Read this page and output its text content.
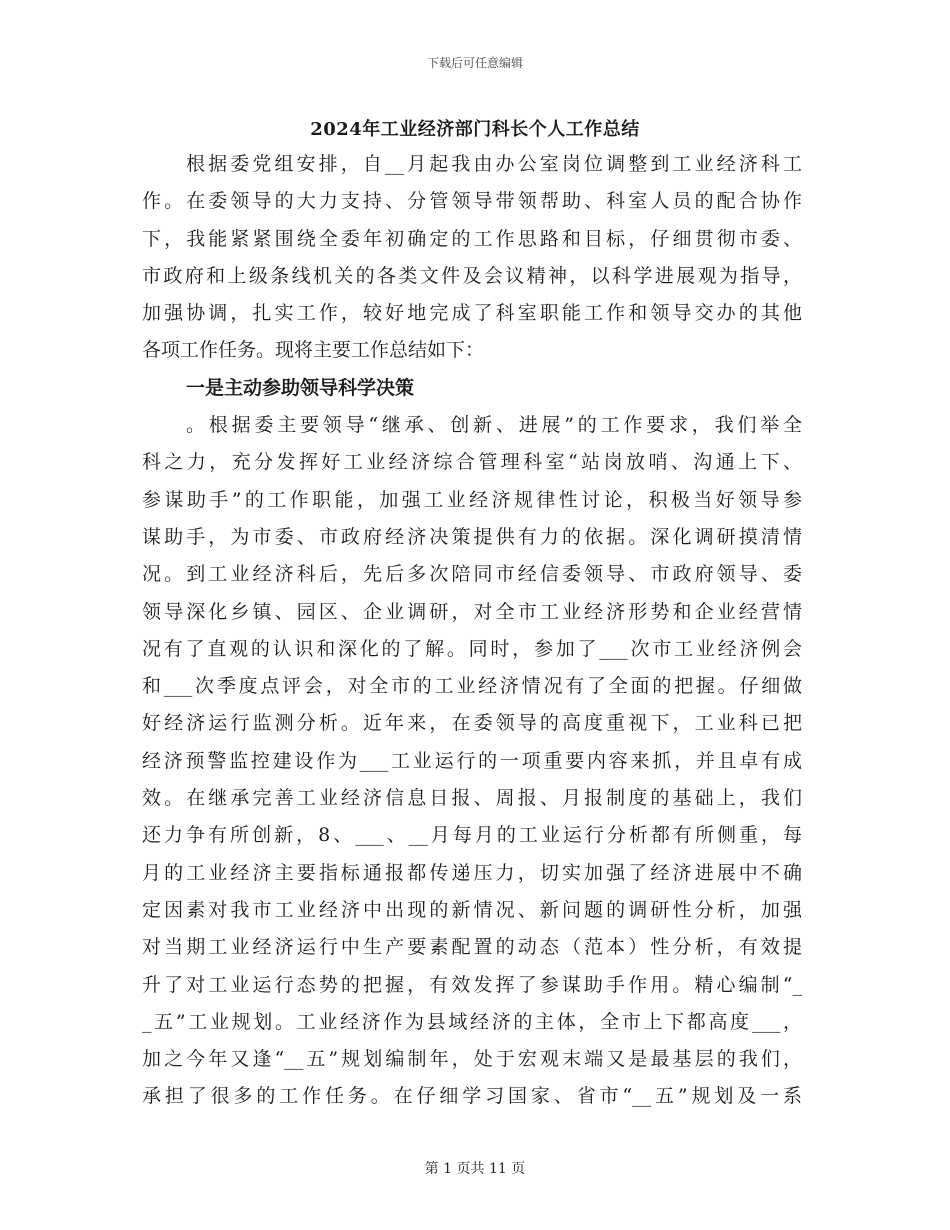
下载后可任意编辑
2024年工业经济部门科长个人工作总结
根据委党组安排，自__月起我由办公室岗位调整到工业经济科工
作。在委领导的大力支持、分管领导带领帮助、科室人员的配合协作
下，我能紧紧围绕全委年初确定的工作思路和目标，仔细贯彻市委、
市政府和上级条线机关的各类文件及会议精神，以科学进展观为指导，
加强协调，扎实工作，较好地完成了科室职能工作和领导交办的其他
各项工作任务。现将主要工作总结如下：
一是主动参助领导科学决策
。根据委主要领导“继承、创新、进展”的工作要求，我们举全
科之力，充分发挥好工业经济综合管理科室“站岗放哨、沟通上下、
参谋助手”的工作职能，加强工业经济规律性讨论，积极当好领导参
谋助手，为市委、市政府经济决策提供有力的依据。深化调研摸清情
况。到工业经济科后，先后多次陪同市经信委领导、市政府领导、委
领导深化乡镇、园区、企业调研，对全市工业经济形势和企业经营情
况有了直观的认识和深化的了解。同时，参加了___次市工业经济例会
和___次季度点评会，对全市的工业经济情况有了全面的把握。仔细做
好经济运行监测分析。近年来，在委领导的高度重视下，工业科已把
经济预警监控建设作为___工业运行的一项重要内容来抓，并且卓有成
效。在继承完善工业经济信息日报、周报、月报制度的基础上，我们
还力争有所创新，8、___、__月每月的工业运行分析都有所侧重，每
月的工业经济主要指标通报都传递压力，切实加强了经济进展中不确
定因素对我市工业经济中出现的新情况、新问题的调研性分析，加强
对当期工业经济运行中生产要素配置的动态（范本）性分析，有效提
升了对工业运行态势的把握，有效发挥了参谋助手作用。精心编制“_
_五”工业规划。工业经济作为县域经济的主体，全市上下都高度___，
加之今年又逢“__五”规划编制年，处于宏观末端又是最基层的我们，
承担了很多的工作任务。在仔细学习国家、省市“__五”规划及一系
第 1 页共 11 页
